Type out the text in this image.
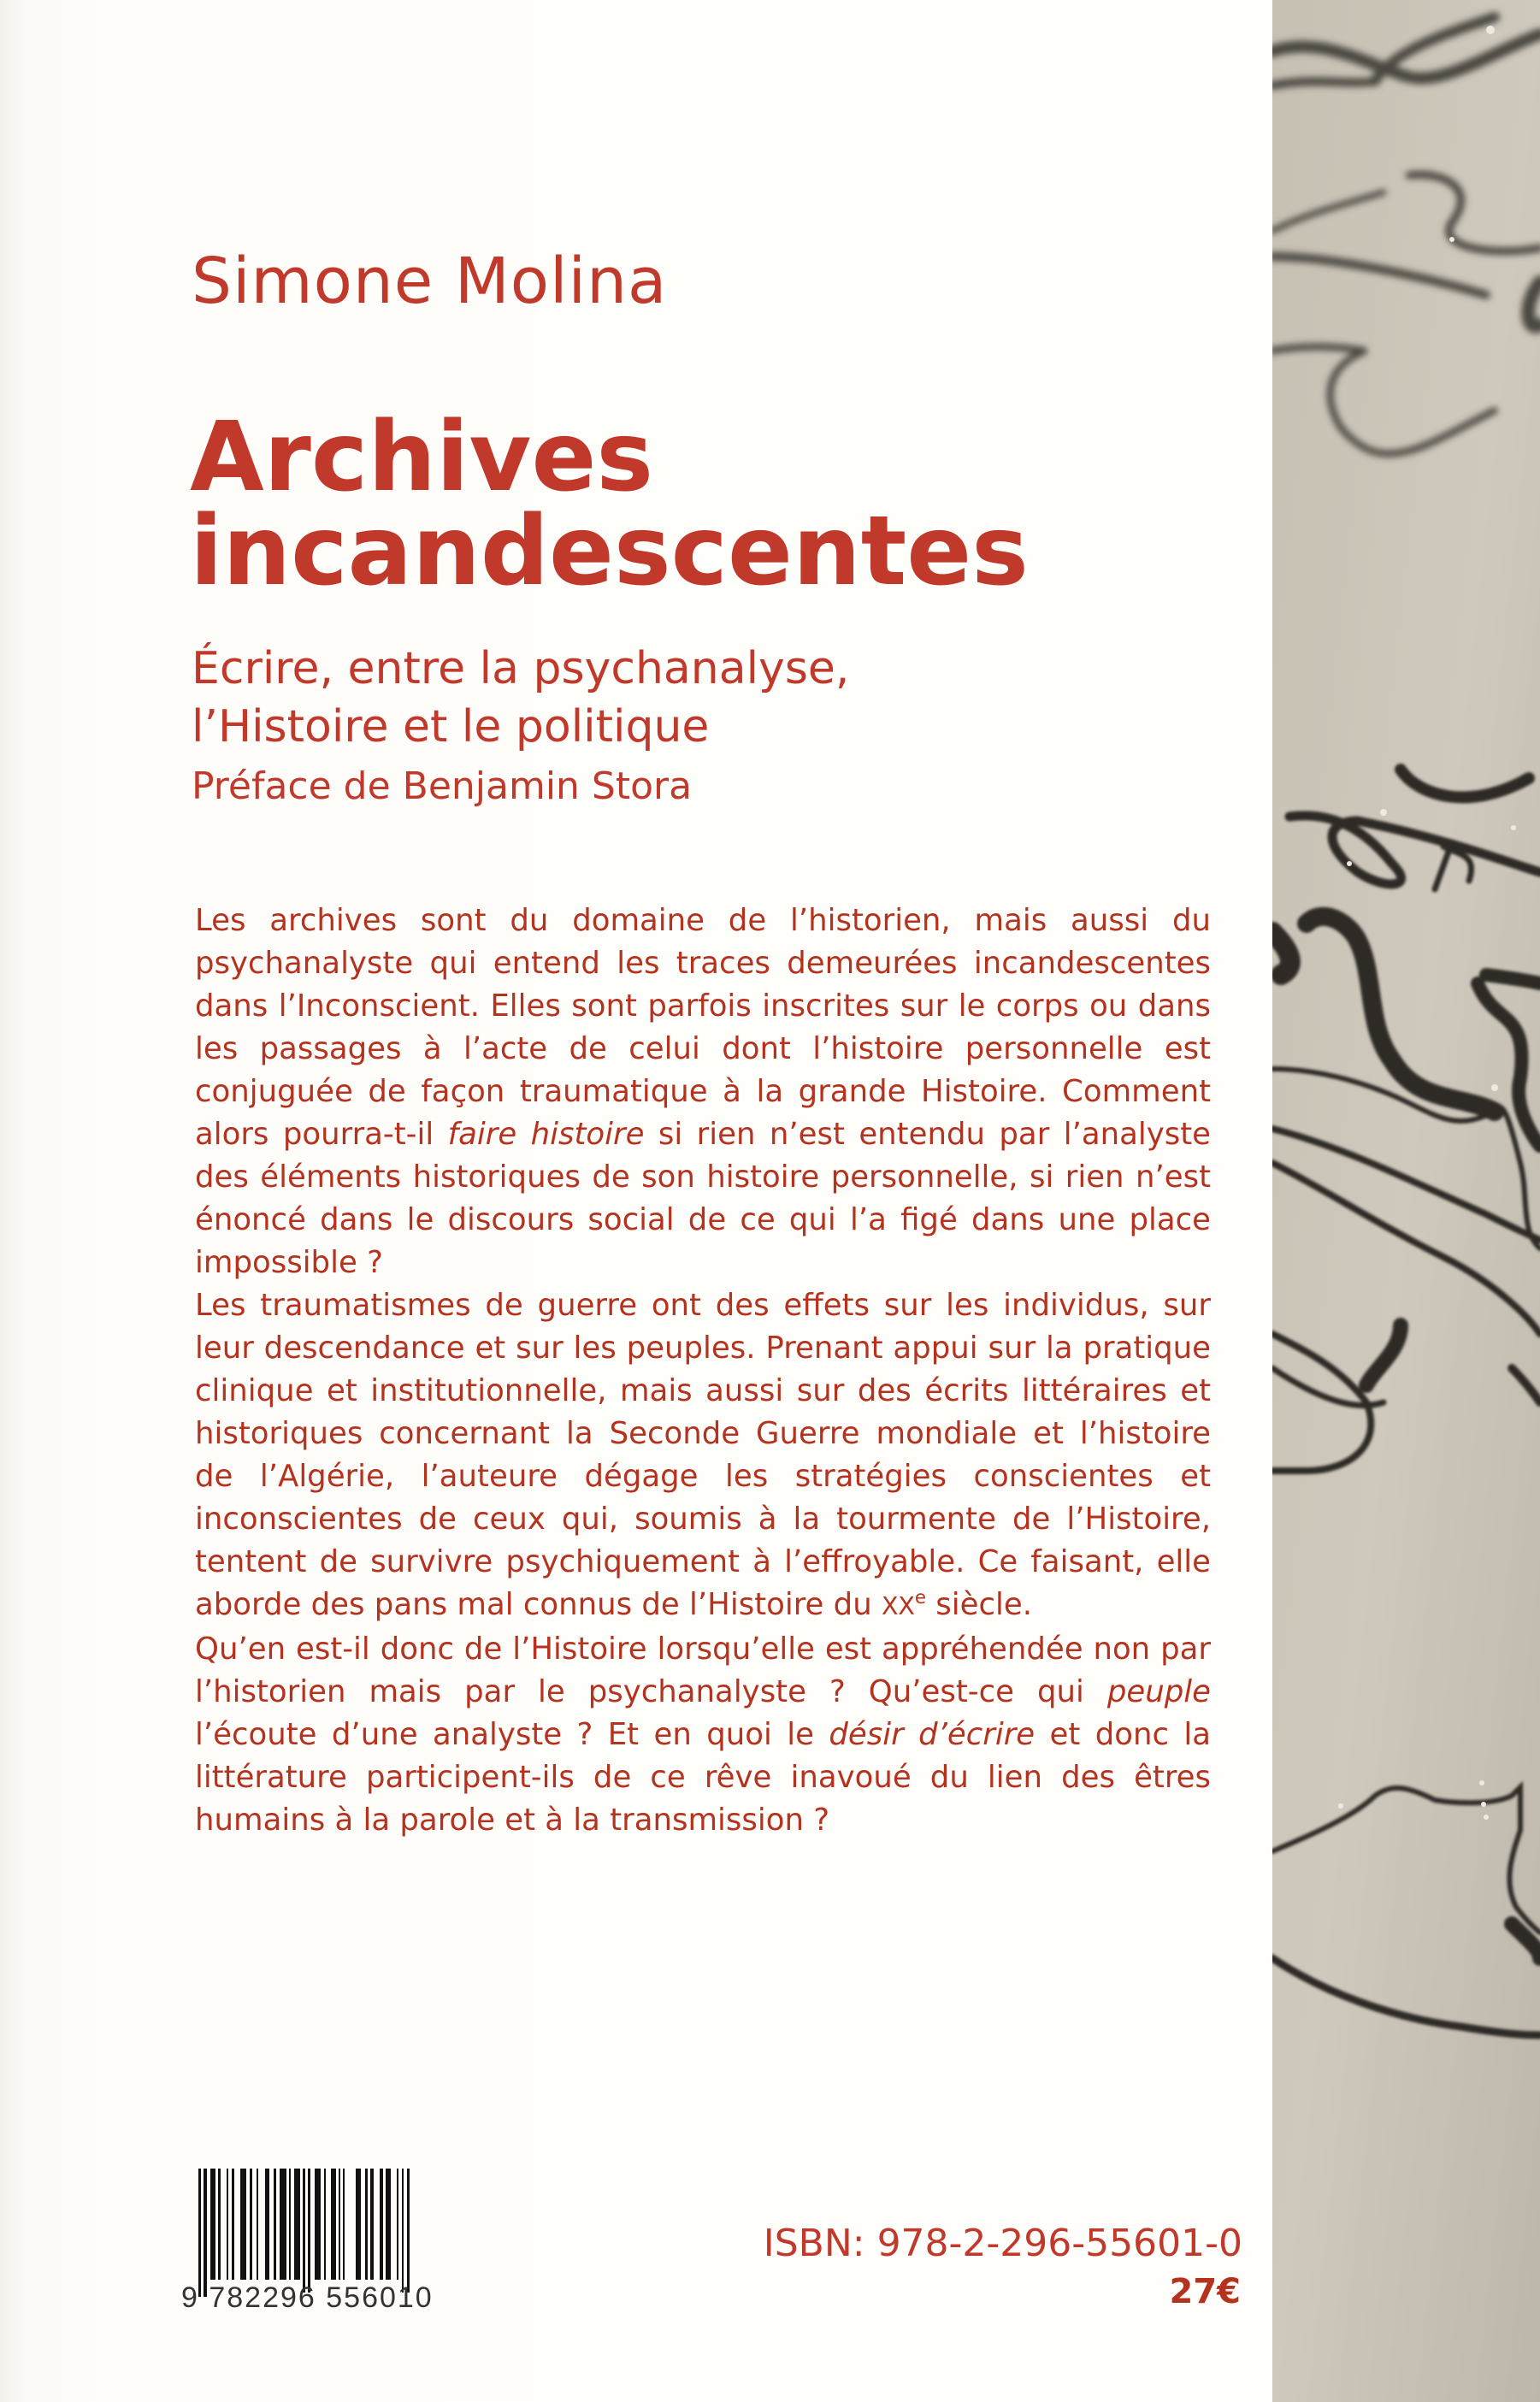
Simone Molina
Archives
incandescentes
Écrire, entre la psychanalyse,
l’Histoire et le politique
Préface de Benjamin Stora

Les archives sont du domaine de l’historien, mais aussi du psychanalyste qui entend les traces demeurées incandescentes dans l’Inconscient. Elles sont parfois inscrites sur le corps ou dans les passages à l’acte de celui dont l’histoire personnelle est conjuguée de façon traumatique à la grande Histoire. Comment alors pourra-t-il faire histoire si rien n’est entendu par l’analyste des éléments historiques de son histoire personnelle, si rien n’est énoncé dans le discours social de ce qui l’a figé dans une place impossible ?

Les traumatismes de guerre ont des effets sur les individus, sur leur descendance et sur les peuples. Prenant appui sur la pratique clinique et institutionnelle, mais aussi sur des écrits littéraires et historiques concernant la Seconde Guerre mondiale et l’histoire de l’Algérie, l’auteure dégage les stratégies conscientes et inconscientes de ceux qui, soumis à la tourmente de l’Histoire, tentent de survivre psychiquement à l’effroyable. Ce faisant, elle aborde des pans mal connus de l’Histoire du XXe siècle.

Qu’en est-il donc de l’Histoire lorsqu’elle est appréhendée non par l’historien mais par le psychanalyste ? Qu’est-ce qui peuple l’écoute d’une analyste ? Et en quoi le désir d’écrire et donc la littérature participent-ils de ce rêve inavoué du lien des êtres humains à la parole et à la transmission ?

9 782296 556010
ISBN: 978-2-296-55601-0
27€
